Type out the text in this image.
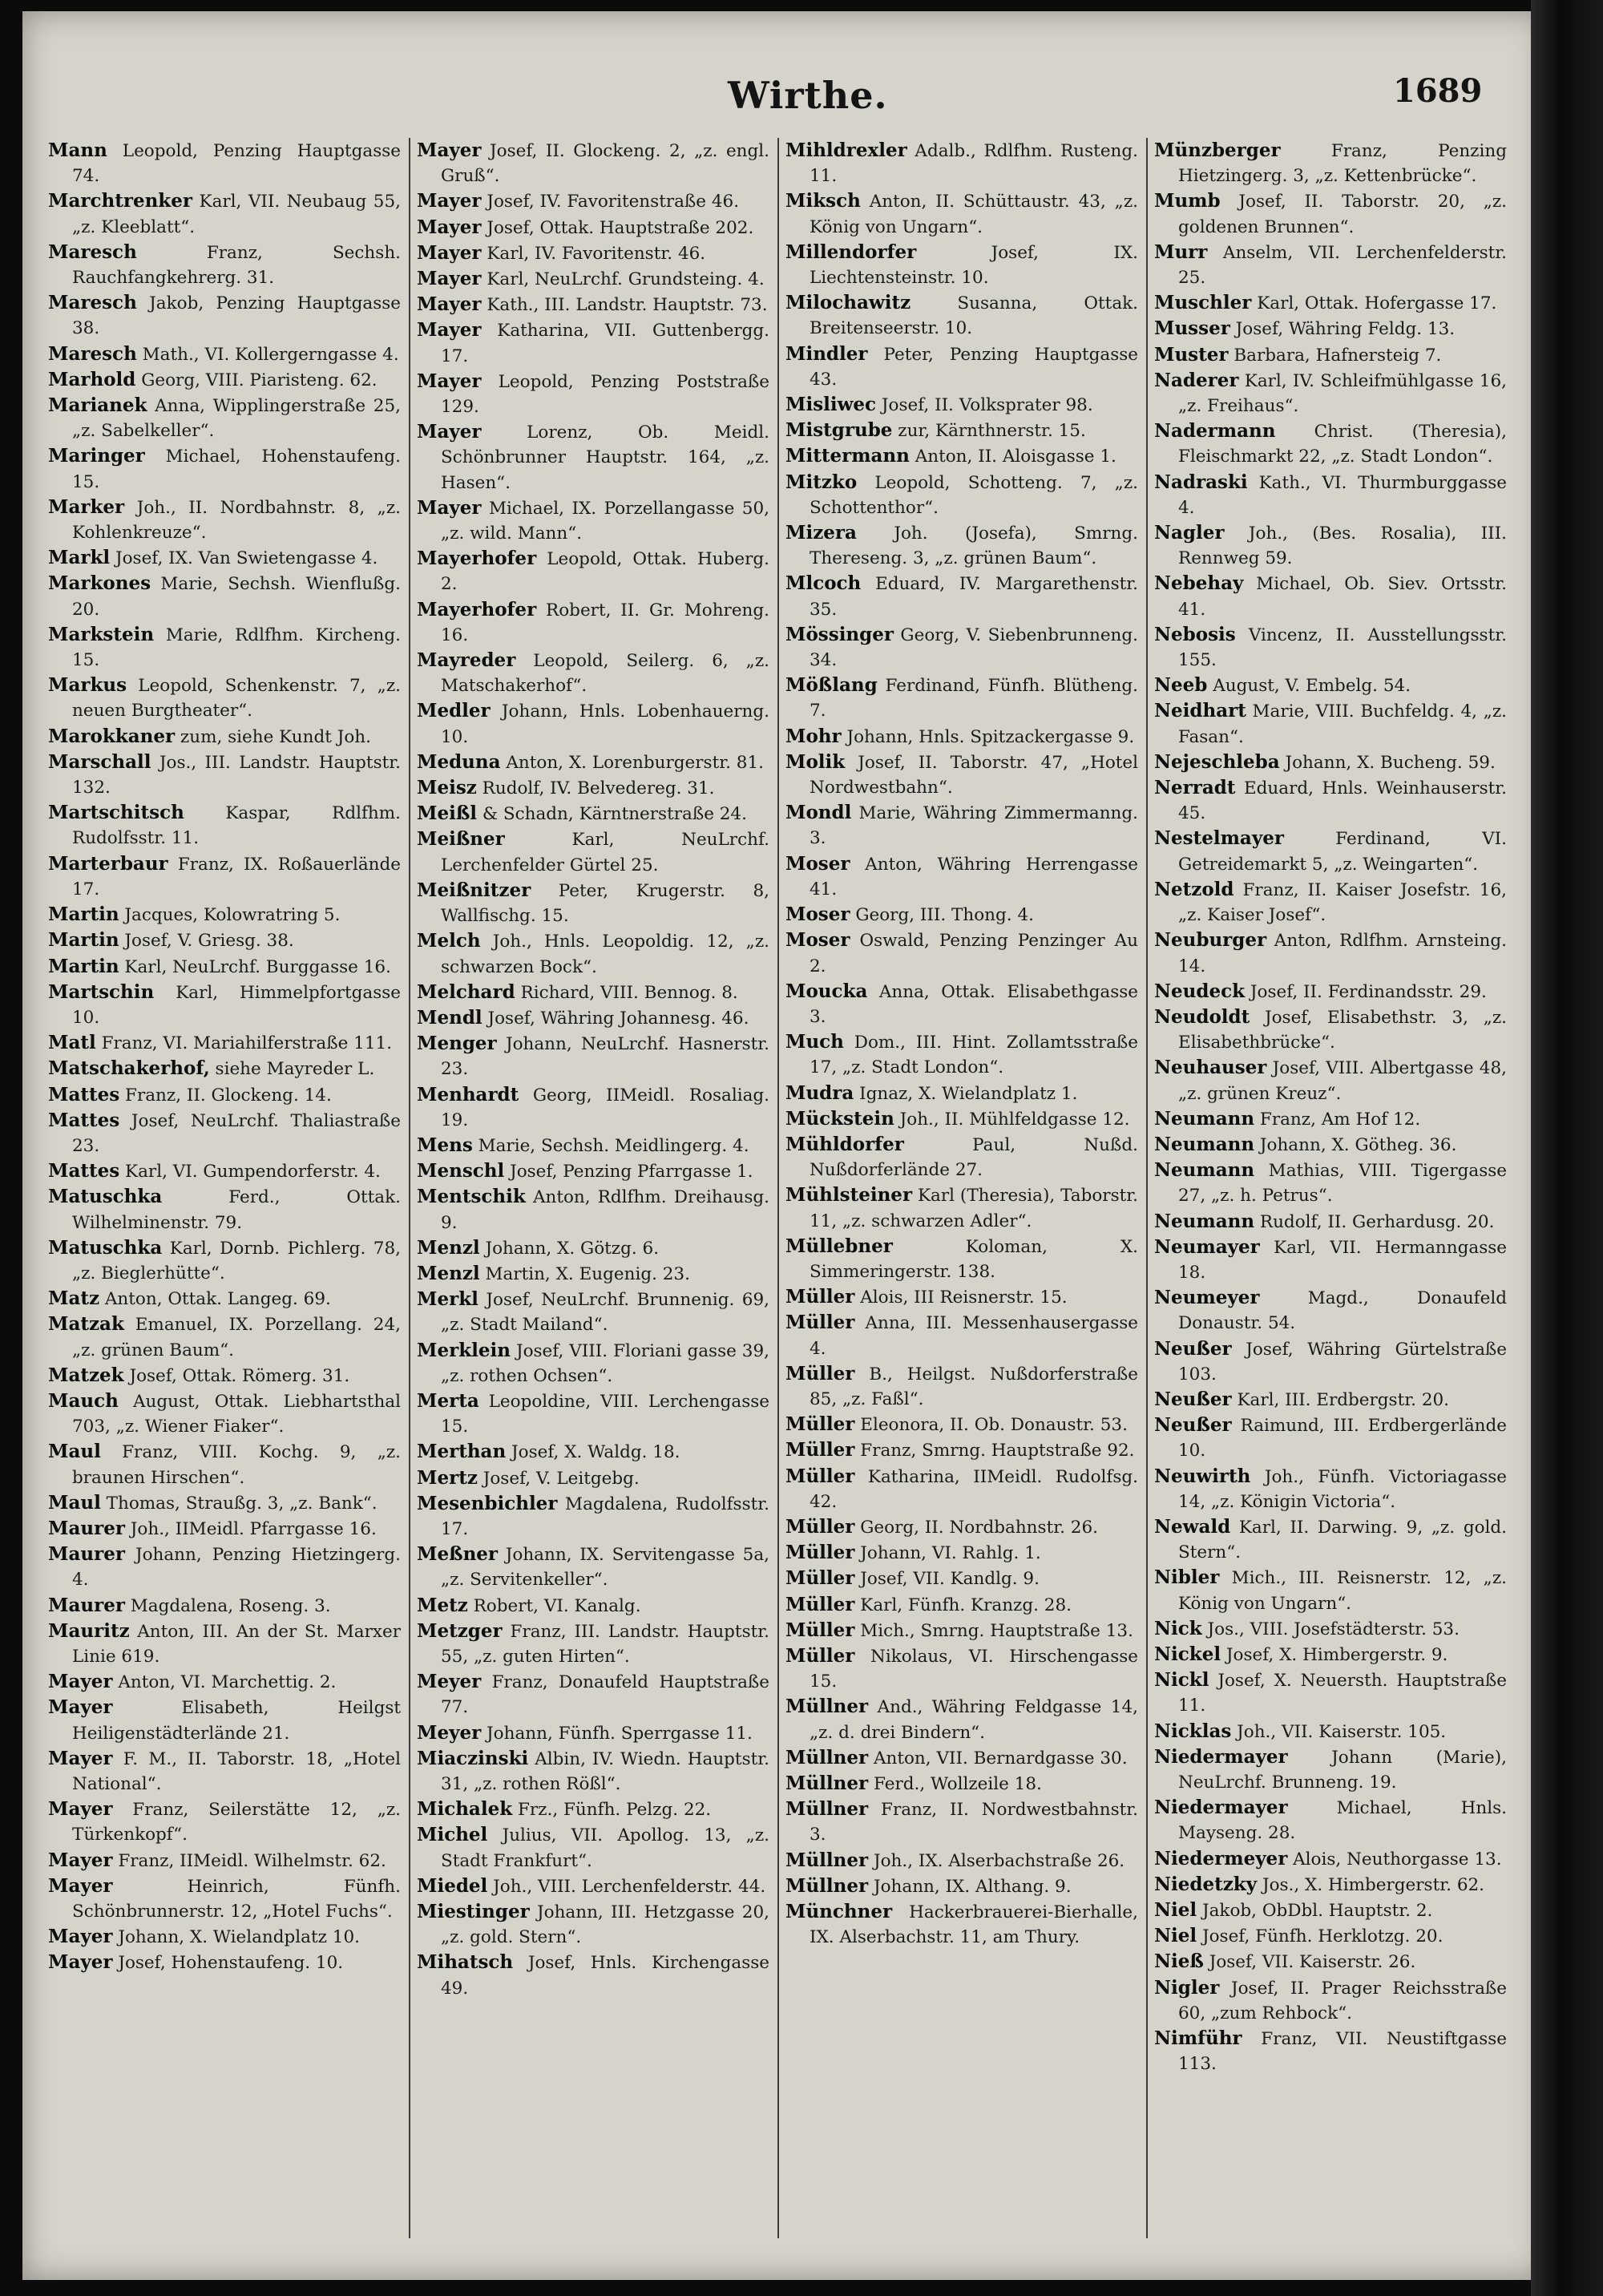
Wirthe.	1689

Mann Leopold, Penzing Hauptgasse 74.

Marchtrenker Karl, VII. Neubaug 55, „z. Kleeblatt“.

Maresch Franz, Sechsh. Rauchfangkehrerg. 31.

Maresch Jakob, Penzing Hauptgasse 38.

Maresch Math., VI. Kollergerngasse 4.

Marhold Georg, VIII. Piaristeng. 62.

Marianek Anna, Wipplingerstraße 25, „z. Sabelkeller“.

Maringer Michael, Hohenstaufeng. 15.

Marker Joh., II. Nordbahnstr. 8, „z. Kohlenkreuze“.

Markl Josef, IX. Van Swietengasse 4.

Markones Marie, Sechsh. Wienflußg. 20.

Markstein Marie, Rdlfhm. Kircheng. 15.

Markus Leopold, Schenkenstr. 7, „z. neuen Burgtheater“.

Marokkaner zum, siehe Kundt Joh.

Marschall Jos., III. Landstr. Hauptstr. 132.

Martschitsch Kaspar, Rdlfhm. Rudolfsstr. 11.

Marterbaur Franz, IX. Roßauerlände 17.

Martin Jacques, Kolowratring 5.

Martin Josef, V. Griesg. 38.

Martin Karl, NeuLrchf. Burggasse 16.

Martschin Karl, Himmelpfortgasse 10.

Matl Franz, VI. Mariahilferstraße 111.

Matschakerhof, siehe Mayreder L.

Mattes Franz, II. Glockeng. 14.

Mattes Josef, NeuLrchf. Thaliastraße 23.

Mattes Karl, VI. Gumpendorferstr. 4.

Matuschka Ferd., Ottak. Wilhelminenstr. 79.

Matuschka Karl, Dornb. Pichlerg. 78, „z. Bieglerhütte“.

Matz Anton, Ottak. Langeg. 69.

Matzak Emanuel, IX. Porzellang. 24, „z. grünen Baum“.

Matzek Josef, Ottak. Römerg. 31.

Mauch August, Ottak. Liebhartsthal 703, „z. Wiener Fiaker“.

Maul Franz, VIII. Kochg. 9, „z. braunen Hirschen“.

Maul Thomas, Straußg. 3, „z. Bank“.

Maurer Joh., IIMeidl. Pfarrgasse 16.

Maurer Johann, Penzing Hietzingerg. 4.

Maurer Magdalena, Roseng. 3.

Mauritz Anton, III. An der St. Marxer Linie 619.

Mayer Anton, VI. Marchettig. 2.

Mayer Elisabeth, Heilgst Heiligenstädterlände 21.

Mayer F. M., II. Taborstr. 18, „Hotel National“.

Mayer Franz, Seilerstätte 12, „z. Türkenkopf“.

Mayer Franz, IIMeidl. Wilhelmstr. 62.

Mayer Heinrich, Fünfh. Schönbrunnerstr. 12, „Hotel Fuchs“.

Mayer Johann, X. Wielandplatz 10.

Mayer Josef, Hohenstaufeng. 10.

Mayer Josef, II. Glockeng. 2, „z. engl. Gruß“.

Mayer Josef, IV. Favoritenstraße 46.

Mayer Josef, Ottak. Hauptstraße 202.

Mayer Karl, IV. Favoritenstr. 46.

Mayer Karl, NeuLrchf. Grundsteing. 4.

Mayer Kath., III. Landstr. Hauptstr. 73.

Mayer Katharina, VII. Guttenbergg. 17.

Mayer Leopold, Penzing Poststraße 129.

Mayer Lorenz, Ob. Meidl. Schönbrunner Hauptstr. 164, „z. Hasen“.

Mayer Michael, IX. Porzellangasse 50, „z. wild. Mann“.

Mayerhofer Leopold, Ottak. Huberg. 2.

Mayerhofer Robert, II. Gr. Mohreng. 16.

Mayreder Leopold, Seilerg. 6, „z. Matschakerhof“.

Medler Johann, Hnls. Lobenhauerng. 10.

Meduna Anton, X. Lorenburgerstr. 81.

Meisz Rudolf, IV. Belvedereg. 31.

Meißl & Schadn, Kärntnerstraße 24.

Meißner Karl, NeuLrchf. Lerchenfelder Gürtel 25.

Meißnitzer Peter, Krugerstr. 8, Wallfischg. 15.

Melch Joh., Hnls. Leopoldig. 12, „z. schwarzen Bock“.

Melchard Richard, VIII. Bennog. 8.

Mendl Josef, Währing Johannesg. 46.

Menger Johann, NeuLrchf. Hasnerstr. 23.

Menhardt Georg, IIMeidl. Rosaliag. 19.

Mens Marie, Sechsh. Meidlingerg. 4.

Menschl Josef, Penzing Pfarrgasse 1.

Mentschik Anton, Rdlfhm. Dreihausg. 9.

Menzl Johann, X. Götzg. 6.

Menzl Martin, X. Eugenig. 23.

Merkl Josef, NeuLrchf. Brunnenig. 69, „z. Stadt Mailand“.

Merklein Josef, VIII. Floriani gasse 39, „z. rothen Ochsen“.

Merta Leopoldine, VIII. Lerchengasse 15.

Merthan Josef, X. Waldg. 18.

Mertz Josef, V. Leitgebg.

Mesenbichler Magdalena, Rudolfsstr. 17.

Meßner Johann, IX. Servitengasse 5a, „z. Servitenkeller“.

Metz Robert, VI. Kanalg.

Metzger Franz, III. Landstr. Hauptstr. 55, „z. guten Hirten“.

Meyer Franz, Donaufeld Hauptstraße 77.

Meyer Johann, Fünfh. Sperrgasse 11.

Miaczinski Albin, IV. Wiedn. Hauptstr. 31, „z. rothen Rößl“.

Michalek Frz., Fünfh. Pelzg. 22.

Michel Julius, VII. Apollog. 13, „z. Stadt Frankfurt“.

Miedel Joh., VIII. Lerchenfelderstr. 44.

Miestinger Johann, III. Hetzgasse 20, „z. gold. Stern“.

Mihatsch Josef, Hnls. Kirchengasse 49.

Mihldrexler Adalb., Rdlfhm. Rusteng. 11.

Miksch Anton, II. Schüttaustr. 43, „z. König von Ungarn“.

Millendorfer Josef, IX. Liechtensteinstr. 10.

Milochawitz Susanna, Ottak. Breitenseerstr. 10.

Mindler Peter, Penzing Hauptgasse 43.

Misliwec Josef, II. Volksprater 98.

Mistgrube zur, Kärnthnerstr. 15.

Mittermann Anton, II. Aloisgasse 1.

Mitzko Leopold, Schotteng. 7, „z. Schottenthor“.

Mizera Joh. (Josefa), Smrng. Thereseng. 3, „z. grünen Baum“.

Mlcoch Eduard, IV. Margarethenstr. 35.

Mössinger Georg, V. Siebenbrunneng. 34.

Mößlang Ferdinand, Fünfh. Blütheng. 7.

Mohr Johann, Hnls. Spitzackergasse 9.

Molik Josef, II. Taborstr. 47, „Hotel Nordwestbahn“.

Mondl Marie, Währing Zimmermanng. 3.

Moser Anton, Währing Herrengasse 41.

Moser Georg, III. Thong. 4.

Moser Oswald, Penzing Penzinger Au 2.

Moucka Anna, Ottak. Elisabethgasse 3.

Much Dom., III. Hint. Zollamtsstraße 17, „z. Stadt London“.

Mudra Ignaz, X. Wielandplatz 1.

Mückstein Joh., II. Mühlfeldgasse 12.

Mühldorfer Paul, Nußd. Nußdorferlände 27.

Mühlsteiner Karl (Theresia), Taborstr. 11, „z. schwarzen Adler“.

Müllebner Koloman, X. Simmeringerstr. 138.

Müller Alois, III Reisnerstr. 15.

Müller Anna, III. Messenhausergasse 4.

Müller B., Heilgst. Nußdorferstraße 85, „z. Faßl“.

Müller Eleonora, II. Ob. Donaustr. 53.

Müller Franz, Smrng. Hauptstraße 92.

Müller Katharina, IIMeidl. Rudolfsg. 42.

Müller Georg, II. Nordbahnstr. 26.

Müller Johann, VI. Rahlg. 1.

Müller Josef, VII. Kandlg. 9.

Müller Karl, Fünfh. Kranzg. 28.

Müller Mich., Smrng. Hauptstraße 13.

Müller Nikolaus, VI. Hirschengasse 15.

Müllner And., Währing Feldgasse 14, „z. d. drei Bindern“.

Müllner Anton, VII. Bernardgasse 30.

Müllner Ferd., Wollzeile 18.

Müllner Franz, II. Nordwestbahnstr. 3.

Müllner Joh., IX. Alserbachstraße 26.

Müllner Johann, IX. Althang. 9.

Münchner Hackerbrauerei-Bierhalle, IX. Alserbachstr. 11, am Thury.

Münzberger Franz, Penzing Hietzingerg. 3, „z. Kettenbrücke“.

Mumb Josef, II. Taborstr. 20, „z. goldenen Brunnen“.

Murr Anselm, VII. Lerchenfelderstr. 25.

Muschler Karl, Ottak. Hofergasse 17.

Musser Josef, Währing Feldg. 13.

Muster Barbara, Hafnersteig 7.

Naderer Karl, IV. Schleifmühlgasse 16, „z. Freihaus“.

Nadermann Christ. (Theresia), Fleischmarkt 22, „z. Stadt London“.

Nadraski Kath., VI. Thurmburggasse 4.

Nagler Joh., (Bes. Rosalia), III. Rennweg 59.

Nebehay Michael, Ob. Siev. Ortsstr. 41.

Nebosis Vincenz, II. Ausstellungsstr. 155.

Neeb August, V. Embelg. 54.

Neidhart Marie, VIII. Buchfeldg. 4, „z. Fasan“.

Nejeschleba Johann, X. Bucheng. 59.

Nerradt Eduard, Hnls. Weinhauserstr. 45.

Nestelmayer Ferdinand, VI. Getreidemarkt 5, „z. Weingarten“.

Netzold Franz, II. Kaiser Josefstr. 16, „z. Kaiser Josef“.

Neuburger Anton, Rdlfhm. Arnsteing. 14.

Neudeck Josef, II. Ferdinandsstr. 29.

Neudoldt Josef, Elisabethstr. 3, „z. Elisabethbrücke“.

Neuhauser Josef, VIII. Albertgasse 48, „z. grünen Kreuz“.

Neumann Franz, Am Hof 12.

Neumann Johann, X. Götheg. 36.

Neumann Mathias, VIII. Tigergasse 27, „z. h. Petrus“.

Neumann Rudolf, II. Gerhardusg. 20.

Neumayer Karl, VII. Hermanngasse 18.

Neumeyer Magd., Donaufeld Donaustr. 54.

Neußer Josef, Währing Gürtelstraße 103.

Neußer Karl, III. Erdbergstr. 20.

Neußer Raimund, III. Erdbergerlände 10.

Neuwirth Joh., Fünfh. Victoriagasse 14, „z. Königin Victoria“.

Newald Karl, II. Darwing. 9, „z. gold. Stern“.

Nibler Mich., III. Reisnerstr. 12, „z. König von Ungarn“.

Nick Jos., VIII. Josefstädterstr. 53.

Nickel Josef, X. Himbergerstr. 9.

Nickl Josef, X. Neuersth. Hauptstraße 11.

Nicklas Joh., VII. Kaiserstr. 105.

Niedermayer Johann (Marie), NeuLrchf. Brunneng. 19.

Niedermayer Michael, Hnls. Mayseng. 28.

Niedermeyer Alois, Neuthorgasse 13.

Niedetzky Jos., X. Himbergerstr. 62.

Niel Jakob, ObDbl. Hauptstr. 2.

Niel Josef, Fünfh. Herklotzg. 20.

Nieß Josef, VII. Kaiserstr. 26.

Nigler Josef, II. Prager Reichsstraße 60, „zum Rehbock“.

Nimführ Franz, VII. Neustiftgasse 113.
